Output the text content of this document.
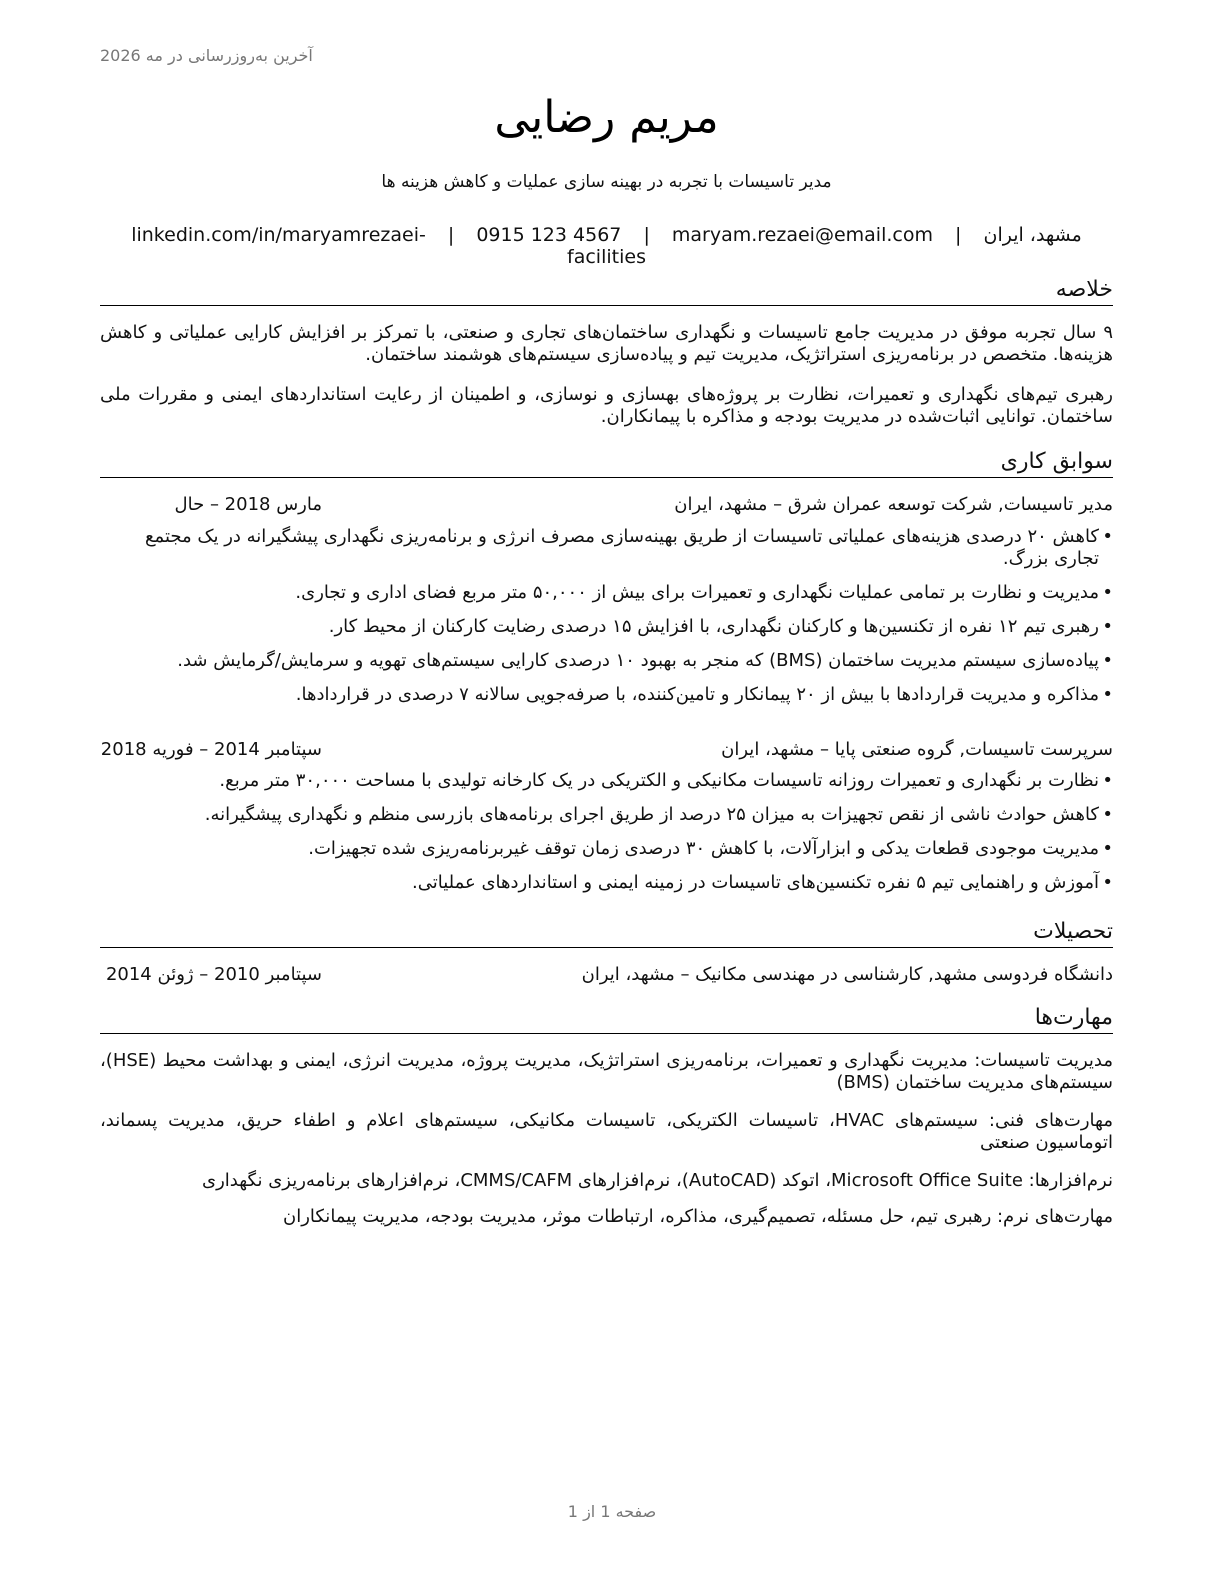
آخرین به‌روزرسانی در مه 2026
مریم رضایی
مدیر تاسیسات با تجربه در بهینه سازی عملیات و کاهش هزینه ها
مشهد، ایران | maryam.rezaei@email.com | 0915 123 4567 | linkedin.com/in/maryamrezaei-facilities
خلاصه

۹ سال تجربه موفق در مدیریت جامع تاسیسات و نگهداری ساختمان‌های تجاری و صنعتی، با تمرکز بر افزایش کارایی عملیاتی و کاهش هزینه‌ها. متخصص در برنامه‌ریزی استراتژیک، مدیریت تیم و پیاده‌سازی سیستم‌های هوشمند ساختمان.

رهبری تیم‌های نگهداری و تعمیرات، نظارت بر پروژه‌های بهسازی و نوسازی، و اطمینان از رعایت استانداردهای ایمنی و مقررات ملی ساختمان. توانایی اثبات‌شده در مدیریت بودجه و مذاکره با پیمانکاران.

سوابق کاری
مدیر تاسیسات, شرکت توسعه عمران شرق – مشهد، ایران
مارس 2018 – حال
• کاهش ۲۰ درصدی هزینه‌های عملیاتی تاسیسات از طریق بهینه‌سازی مصرف انرژی و برنامه‌ریزی نگهداری پیشگیرانه در یک مجتمع تجاری بزرگ.
• مدیریت و نظارت بر تمامی عملیات نگهداری و تعمیرات برای بیش از ۵۰,۰۰۰ متر مربع فضای اداری و تجاری.
• رهبری تیم ۱۲ نفره از تکنسین‌ها و کارکنان نگهداری، با افزایش ۱۵ درصدی رضایت کارکنان از محیط کار.
• پیاده‌سازی سیستم مدیریت ساختمان (BMS) که منجر به بهبود ۱۰ درصدی کارایی سیستم‌های تهویه و سرمایش/گرمایش شد.
• مذاکره و مدیریت قراردادها با بیش از ۲۰ پیمانکار و تامین‌کننده، با صرفه‌جویی سالانه ۷ درصدی در قراردادها.
سرپرست تاسیسات, گروه صنعتی پایا – مشهد، ایران
سپتامبر 2014 – فوریه 2018
• نظارت بر نگهداری و تعمیرات روزانه تاسیسات مکانیکی و الکتریکی در یک کارخانه تولیدی با مساحت ۳۰,۰۰۰ متر مربع.
• کاهش حوادث ناشی از نقص تجهیزات به میزان ۲۵ درصد از طریق اجرای برنامه‌های بازرسی منظم و نگهداری پیشگیرانه.
• مدیریت موجودی قطعات یدکی و ابزارآلات، با کاهش ۳۰ درصدی زمان توقف غیربرنامه‌ریزی شده تجهیزات.
• آموزش و راهنمایی تیم ۵ نفره تکنسین‌های تاسیسات در زمینه ایمنی و استانداردهای عملیاتی.
تحصیلات
دانشگاه فردوسی مشهد, کارشناسی در مهندسی مکانیک – مشهد، ایران
سپتامبر 2010 – ژوئن 2014
مهارت‌ها

مدیریت تاسیسات: مدیریت نگهداری و تعمیرات، برنامه‌ریزی استراتژیک، مدیریت پروژه، مدیریت انرژی، ایمنی و بهداشت محیط (HSE)، سیستم‌های مدیریت ساختمان (BMS)

مهارت‌های فنی: سیستم‌های HVAC، تاسیسات الکتریکی، تاسیسات مکانیکی، سیستم‌های اعلام و اطفاء حریق، مدیریت پسماند، اتوماسیون صنعتی

نرم‌افزارها: Microsoft Office Suite، اتوکد (AutoCAD)، نرم‌افزارهای CMMS/CAFM، نرم‌افزارهای برنامه‌ریزی نگهداری

مهارت‌های نرم: رهبری تیم، حل مسئله، تصمیم‌گیری، مذاکره، ارتباطات موثر، مدیریت بودجه، مدیریت پیمانکاران

صفحه 1 از 1
